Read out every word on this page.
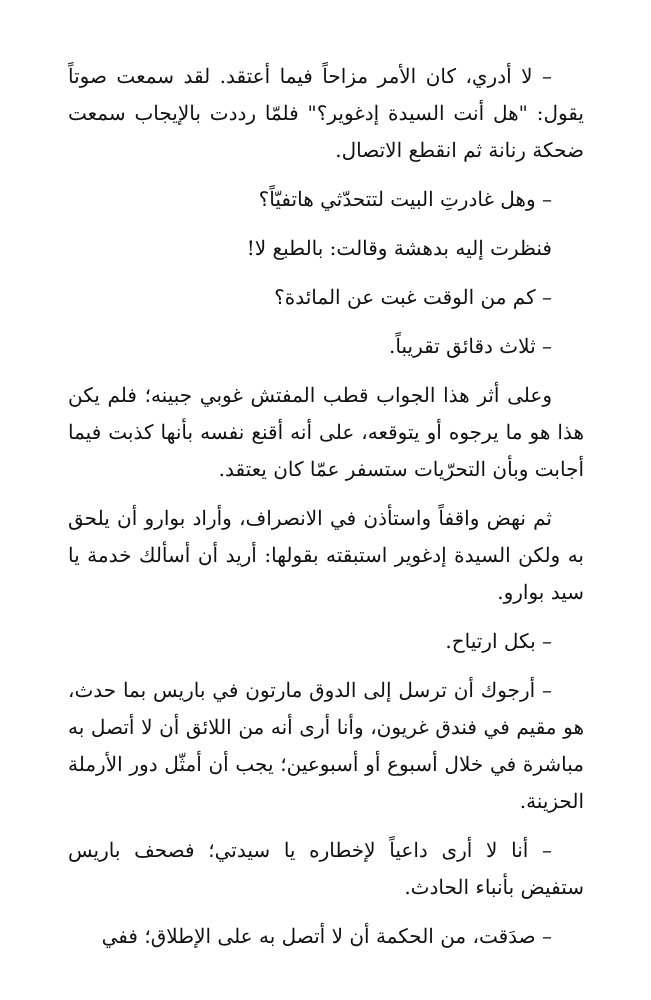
– لا أدري، كان الأمر مزاحاً فيما أعتقد. لقد سمعت صوتاً يقول: "هل أنت السيدة إدغوير؟" فلمّا رددت بالإيجاب سمعت ضحكة رنانة ثم انقطع الاتصال.

– وهل غادرتِ البيت لتتحدّثي هاتفيّاً؟

فنظرت إليه بدهشة وقالت: بالطبع لا!

– كم من الوقت غبت عن المائدة؟

– ثلاث دقائق تقريباً.

وعلى أثر هذا الجواب قطب المفتش غوبي جبينه؛ فلم يكن هذا هو ما يرجوه أو يتوقعه، على أنه أقنع نفسه بأنها كذبت فيما أجابت وبأن التحرّيات ستسفر عمّا كان يعتقد.

ثم نهض واقفاً واستأذن في الانصراف، وأراد بوارو أن يلحق به ولكن السيدة إدغوير استبقته بقولها: أريد أن أسألك خدمة يا سيد بوارو.

– بكل ارتياح.

– أرجوك أن ترسل إلى الدوق مارتون في باريس بما حدث، هو مقيم في فندق غريون، وأنا أرى أنه من اللائق أن لا أتصل به مباشرة في خلال أسبوع أو أسبوعين؛ يجب أن أمثّل دور الأرملة الحزينة.

– أنا لا أرى داعياً لإخطاره يا سيدتي؛ فصحف باريس ستفيض بأنباء الحادث.

– صدَقت، من الحكمة أن لا أتصل به على الإطلاق؛ ففي
